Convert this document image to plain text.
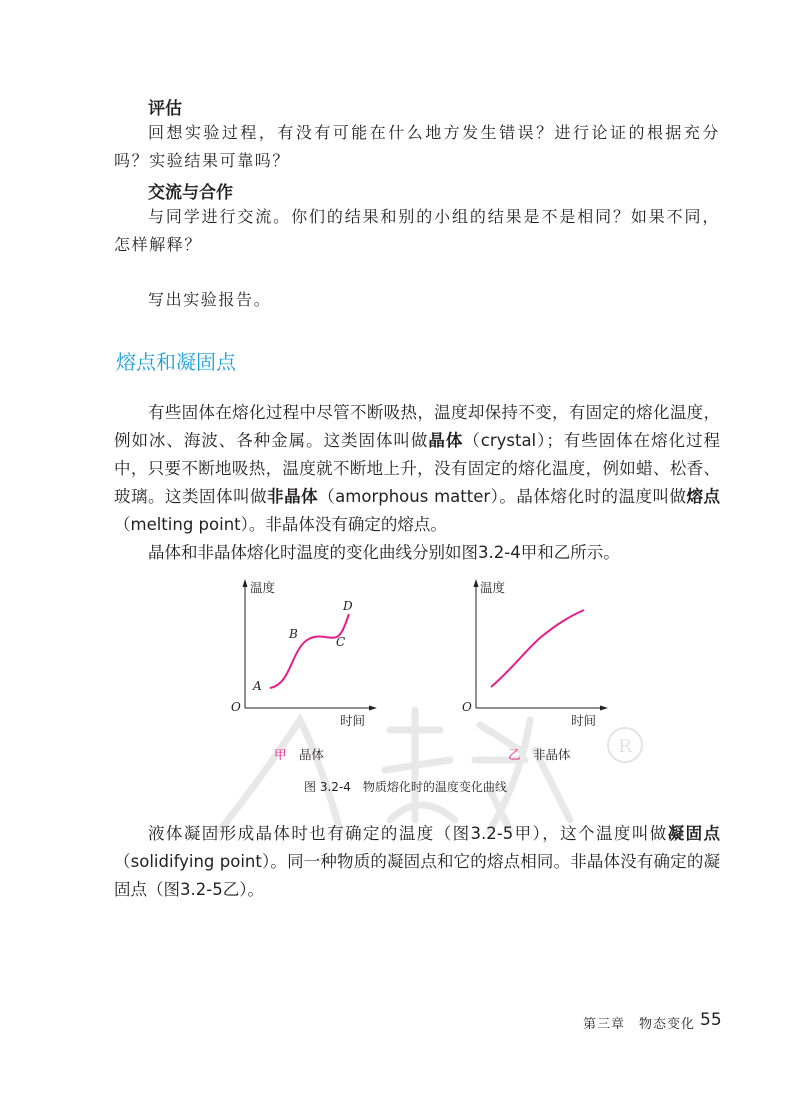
评估

回想实验过程，有没有可能在什么地方发生错误？进行论证的根据充分吗？实验结果可靠吗？

交流与合作

与同学进行交流。你们的结果和别的小组的结果是不是相同？如果不同，怎样解释？

写出实验报告。

熔点和凝固点

有些固体在熔化过程中尽管不断吸热，温度却保持不变，有固定的熔化温度，例如冰、海波、各种金属。这类固体叫做晶体（crystal）；有些固体在熔化过程中，只要不断地吸热，温度就不断地上升，没有固定的熔化温度，例如蜡、松香、玻璃。这类固体叫做非晶体（amorphous matter）。晶体熔化时的温度叫做熔点（melting point）。非晶体没有确定的熔点。

晶体和非晶体熔化时温度的变化曲线分别如图3.2-4甲和乙所示。

R
O
A
B
C
D
温度
时间
O
温度
时间
甲　 晶体	乙　 非晶体
图 3.2-4　物质熔化时的温度变化曲线

液体凝固形成晶体时也有确定的温度（图3.2-5甲），这个温度叫做凝固点（solidifying point）。同一种物质的凝固点和它的熔点相同。非晶体没有确定的凝固点（图3.2-5乙）。

第三章　物态变化 55
